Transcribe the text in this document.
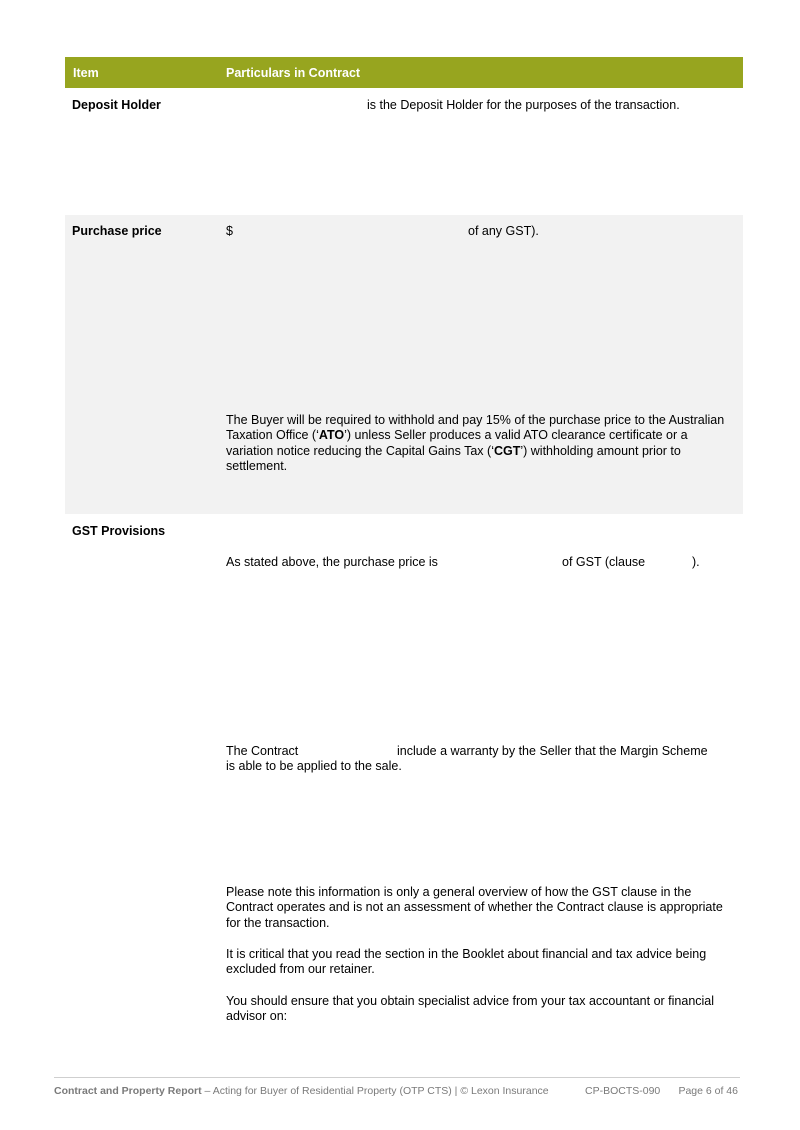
Item	Particulars in Contract
Deposit Holder	is the Deposit Holder for the purposes of the transaction.
Purchase price	$	of any GST).
The Buyer will be required to withhold and pay 15% of the purchase price to the Australian Taxation Office (‘ATO’) unless Seller produces a valid ATO clearance certificate or a variation notice reducing the Capital Gains Tax (‘CGT’) withholding amount prior to settlement.
GST Provisions
As stated above, the purchase price is	of GST (clause	).
The Contract	include a warranty by the Seller that the Margin Scheme
is able to be applied to the sale.
Please note this information is only a general overview of how the GST clause in the Contract operates and is not an assessment of whether the Contract clause is appropriate for the transaction.
It is critical that you read the section in the Booklet about financial and tax advice being excluded from our retainer.
You should ensure that you obtain specialist advice from your tax accountant or financial advisor on:
Contract and Property Report – Acting for Buyer of Residential Property (OTP CTS) | © Lexon Insurance	CP-BOCTS-090 Page 6 of 46
